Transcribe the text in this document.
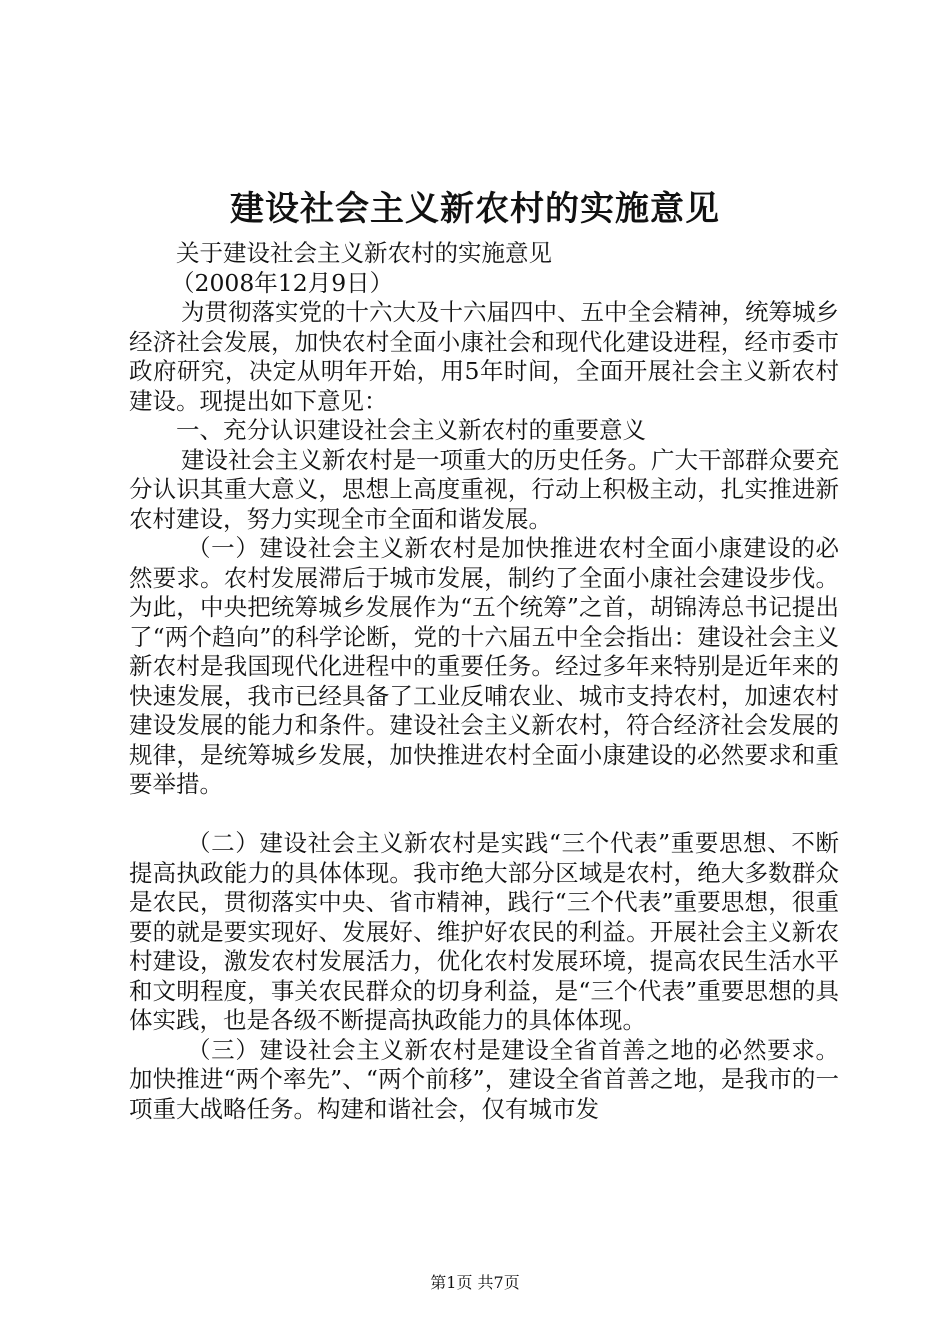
建设社会主义新农村的实施意见

关于建设社会主义新农村的实施意见

（2008年12月9日）

为贯彻落实党的十六大及十六届四中、五中全会精神，统筹城乡经济社会发展，加快农村全面小康社会和现代化建设进程，经市委市政府研究，决定从明年开始，用5年时间，全面开展社会主义新农村建设。现提出如下意见：

一、充分认识建设社会主义新农村的重要意义

建设社会主义新农村是一项重大的历史任务。广大干部群众要充分认识其重大意义，思想上高度重视，行动上积极主动，扎实推进新农村建设，努力实现全市全面和谐发展。

（一）建设社会主义新农村是加快推进农村全面小康建设的必然要求。农村发展滞后于城市发展，制约了全面小康社会建设步伐。为此，中央把统筹城乡发展作为“五个统筹”之首，胡锦涛总书记提出了“两个趋向”的科学论断，党的十六届五中全会指出：建设社会主义新农村是我国现代化进程中的重要任务。经过多年来特别是近年来的快速发展，我市已经具备了工业反哺农业、城市支持农村，加速农村建设发展的能力和条件。建设社会主义新农村，符合经济社会发展的规律，是统筹城乡发展，加快推进农村全面小康建设的必然要求和重要举措。

（二）建设社会主义新农村是实践“三个代表”重要思想、不断提高执政能力的具体体现。我市绝大部分区域是农村，绝大多数群众是农民，贯彻落实中央、省市精神，践行“三个代表”重要思想，很重要的就是要实现好、发展好、维护好农民的利益。开展社会主义新农村建设，激发农村发展活力，优化农村发展环境，提高农民生活水平和文明程度，事关农民群众的切身利益，是“三个代表”重要思想的具体实践，也是各级不断提高执政能力的具体体现。

（三）建设社会主义新农村是建设全省首善之地的必然要求。加快推进“两个率先”、“两个前移”，建设全省首善之地，是我市的一项重大战略任务。构建和谐社会，仅有城市发

第1页 共7页
